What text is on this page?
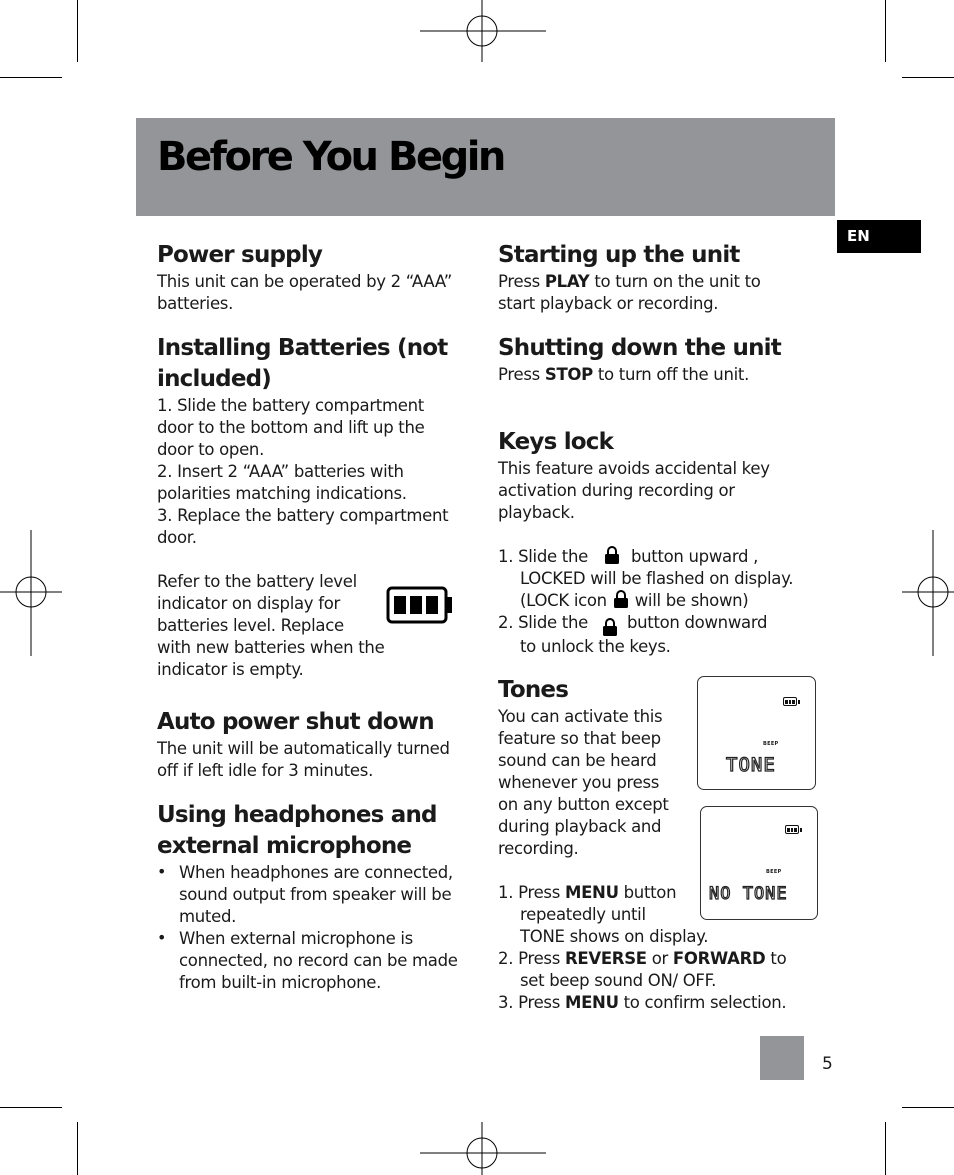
Before You Begin
EN
Power supply

This unit can be operated by 2 “AAA”

batteries.

Installing Batteries (not
included)

1. Slide the battery compartment

door to the bottom and lift up the

door to open.

2. Insert 2 “AAA” batteries with

polarities matching indications.

3. Replace the battery compartment

door.

Refer to the battery level

indicator on display for

batteries level. Replace

with new batteries when the

indicator is empty.

Auto power shut down

The unit will be automatically turned

off if left idle for 3 minutes.

Using headphones and
external microphone
• When headphones are connected,

sound output from speaker will be

muted.

• When external microphone is

connected, no record can be made

from built-in microphone.

Starting up the unit

Press PLAY to turn on the unit to

start playback or recording.

Shutting down the unit

Press STOP to turn off the unit.

Keys lock

This feature avoids accidental key

activation during recording or

playback.

1. Slide the	button upward ,

LOCKED will be flashed on display.

(LOCK icon will be shown)

2. Slide the button downward

to unlock the keys.

Tones

You can activate this

feature so that beep

sound can be heard

whenever you press

on any button except

during playback and

recording.

1. Press MENU button

repeatedly until

TONE shows on display.

2. Press REVERSE or FORWARD to

set beep sound ON/ OFF.

3. Press MENU to confirm selection.

BEEP
TONE
BEEP
NO TONE
5
